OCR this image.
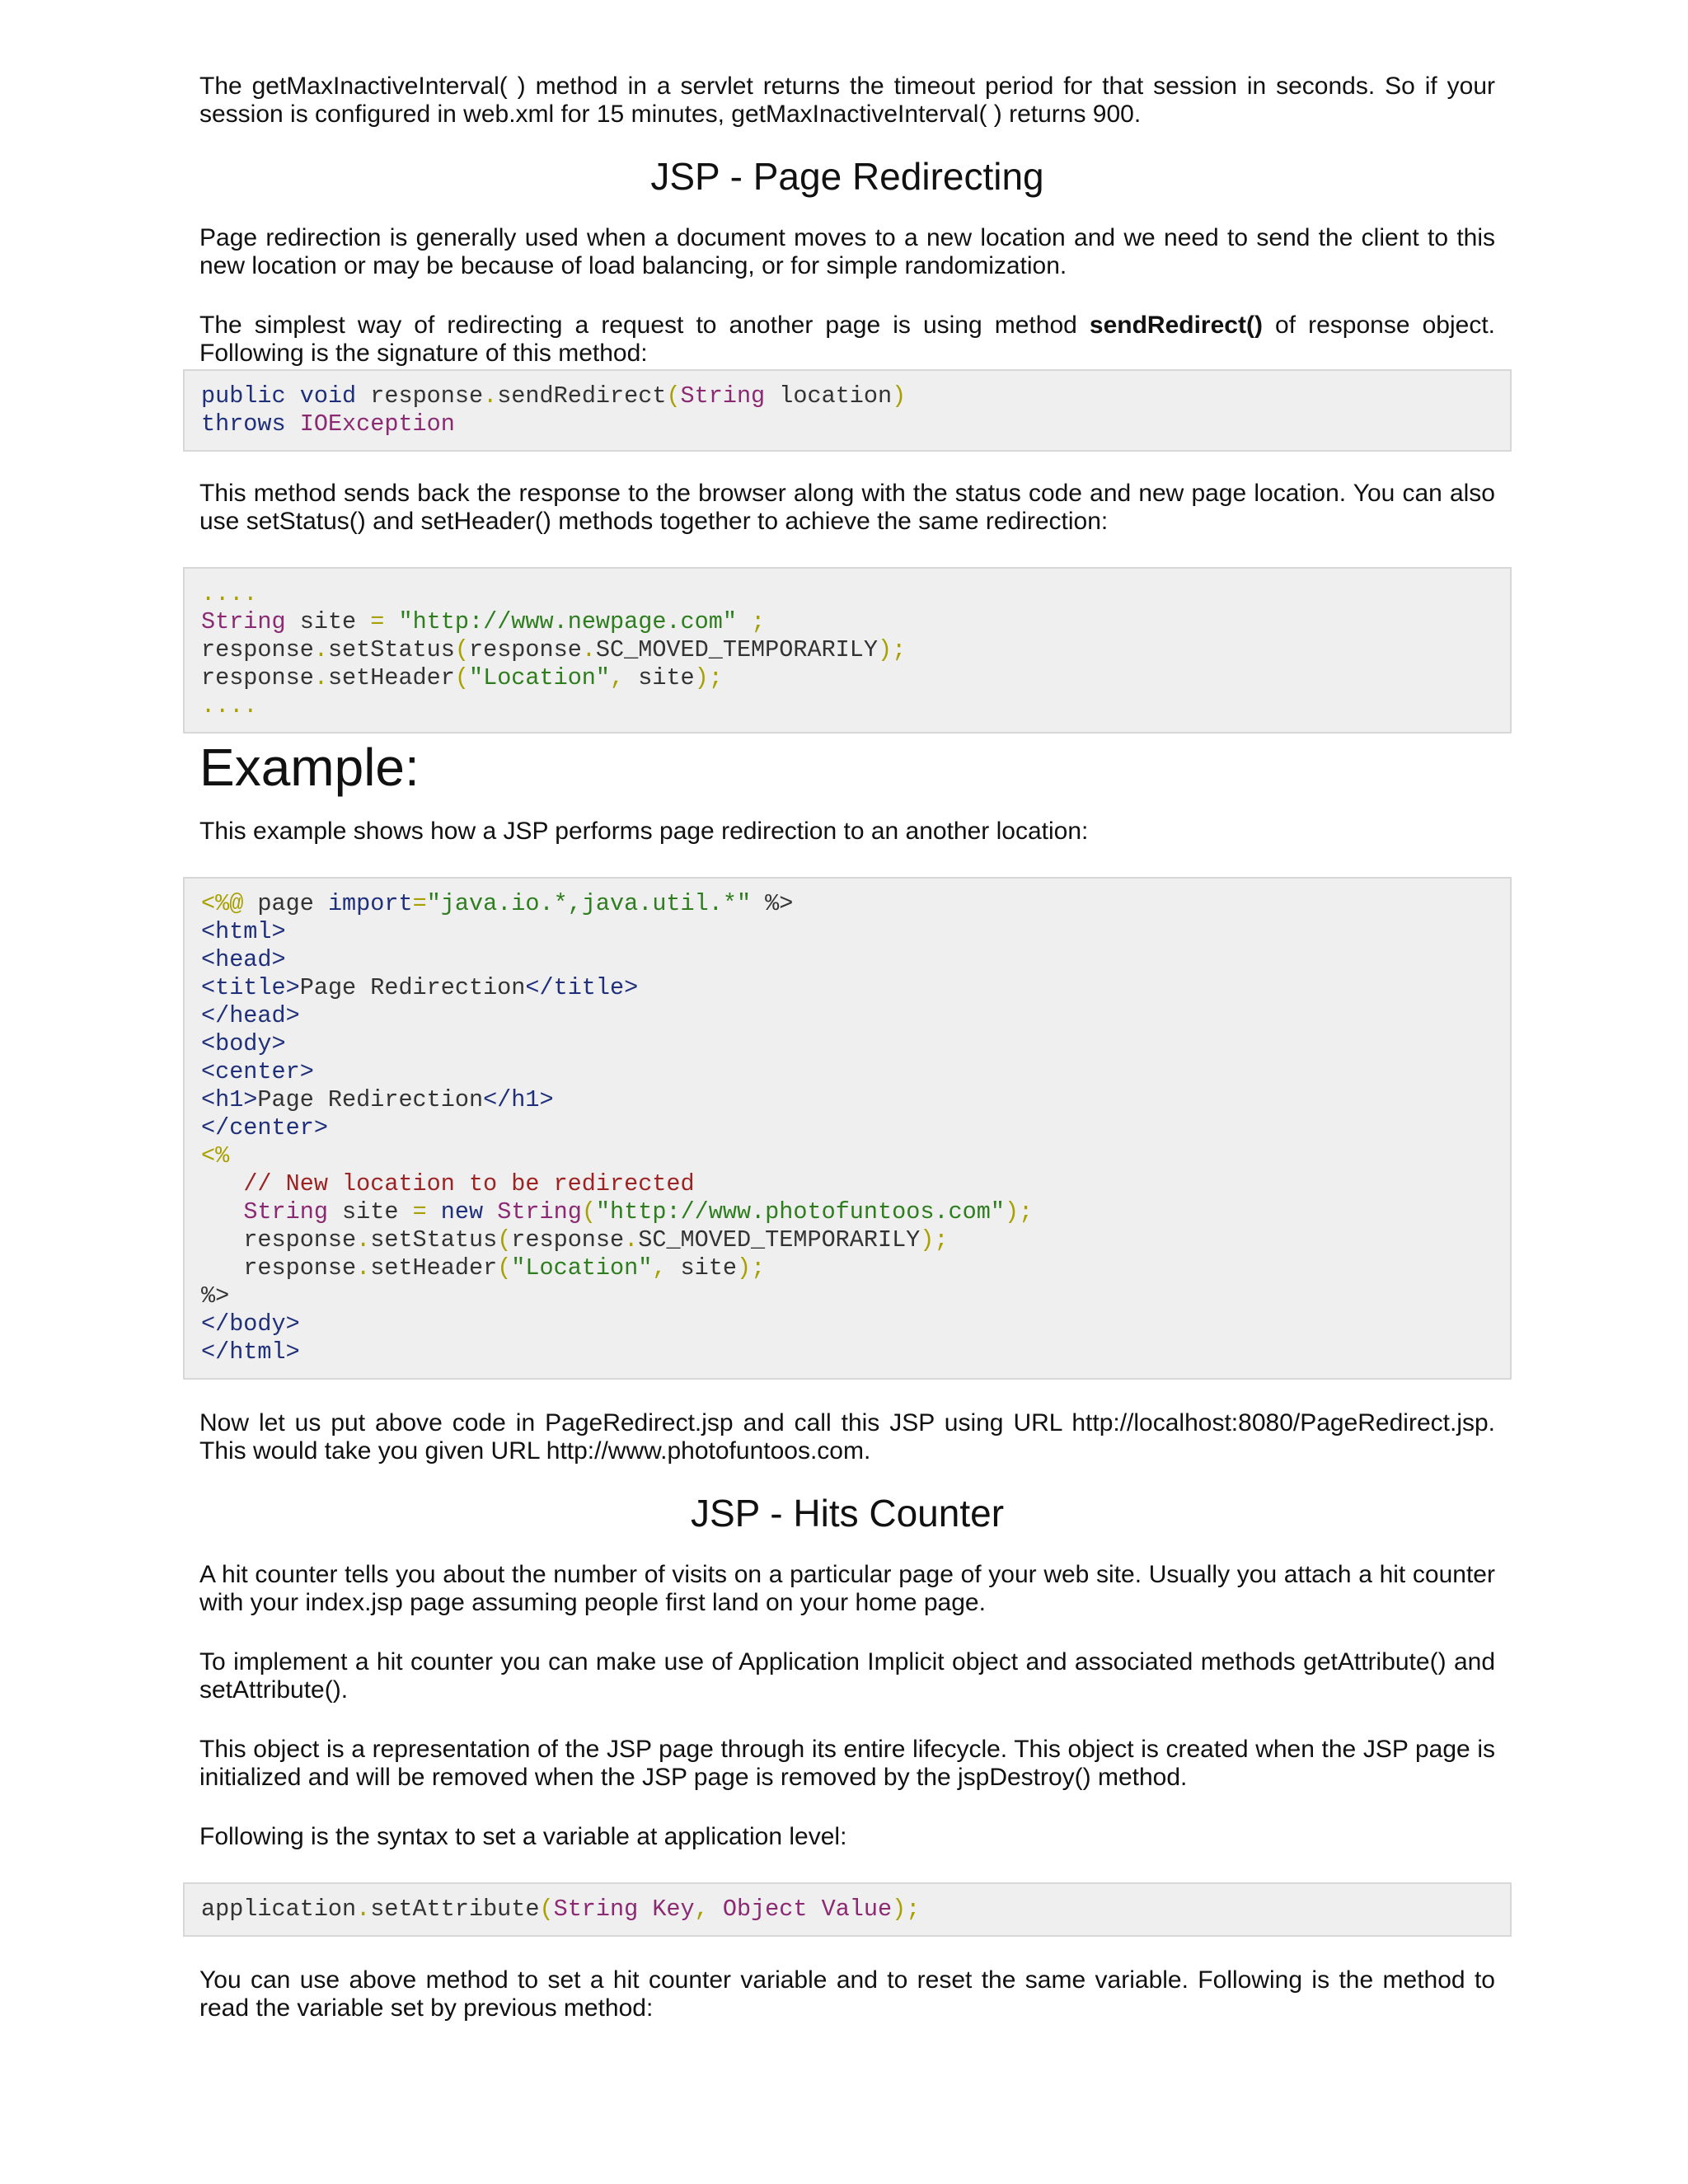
The getMaxInactiveInterval( ) method in a servlet returns the timeout period for that session in seconds. So if your session is configured in web.xml for 15 minutes, getMaxInactiveInterval( ) returns 900.

JSP - Page Redirecting

Page redirection is generally used when a document moves to a new location and we need to send the client to this new location or may be because of load balancing, or for simple randomization.

The simplest way of redirecting a request to another page is using method sendRedirect() of response object. Following is the signature of this method:

public void response.sendRedirect(String location)
throws IOException

This method sends back the response to the browser along with the status code and new page location. You can also use setStatus() and setHeader() methods together to achieve the same redirection:

....
String site = "http://www.newpage.com" ;
response.setStatus(response.SC_MOVED_TEMPORARILY);
response.setHeader("Location", site);
....
Example:

This example shows how a JSP performs page redirection to an another location:

<%@ page import="java.io.*,java.util.*" %>
<html>
<head>
<title>Page Redirection</title>
</head>
<body>
<center>
<h1>Page Redirection</h1>
</center>
<%
// New location to be redirected
String site = new String("http://www.photofuntoos.com");
response.setStatus(response.SC_MOVED_TEMPORARILY);
response.setHeader("Location", site);
%>
</body>
</html>

Now let us put above code in PageRedirect.jsp and call this JSP using URL http://localhost:8080/PageRedirect.jsp. This would take you given URL http://www.photofuntoos.com.

JSP - Hits Counter

A hit counter tells you about the number of visits on a particular page of your web site. Usually you attach a hit counter with your index.jsp page assuming people first land on your home page.

To implement a hit counter you can make use of Application Implicit object and associated methods getAttribute() and setAttribute().

This object is a representation of the JSP page through its entire lifecycle. This object is created when the JSP page is initialized and will be removed when the JSP page is removed by the jspDestroy() method.

Following is the syntax to set a variable at application level:

application.setAttribute(String Key, Object Value);

You can use above method to set a hit counter variable and to reset the same variable. Following is the method to read the variable set by previous method:
